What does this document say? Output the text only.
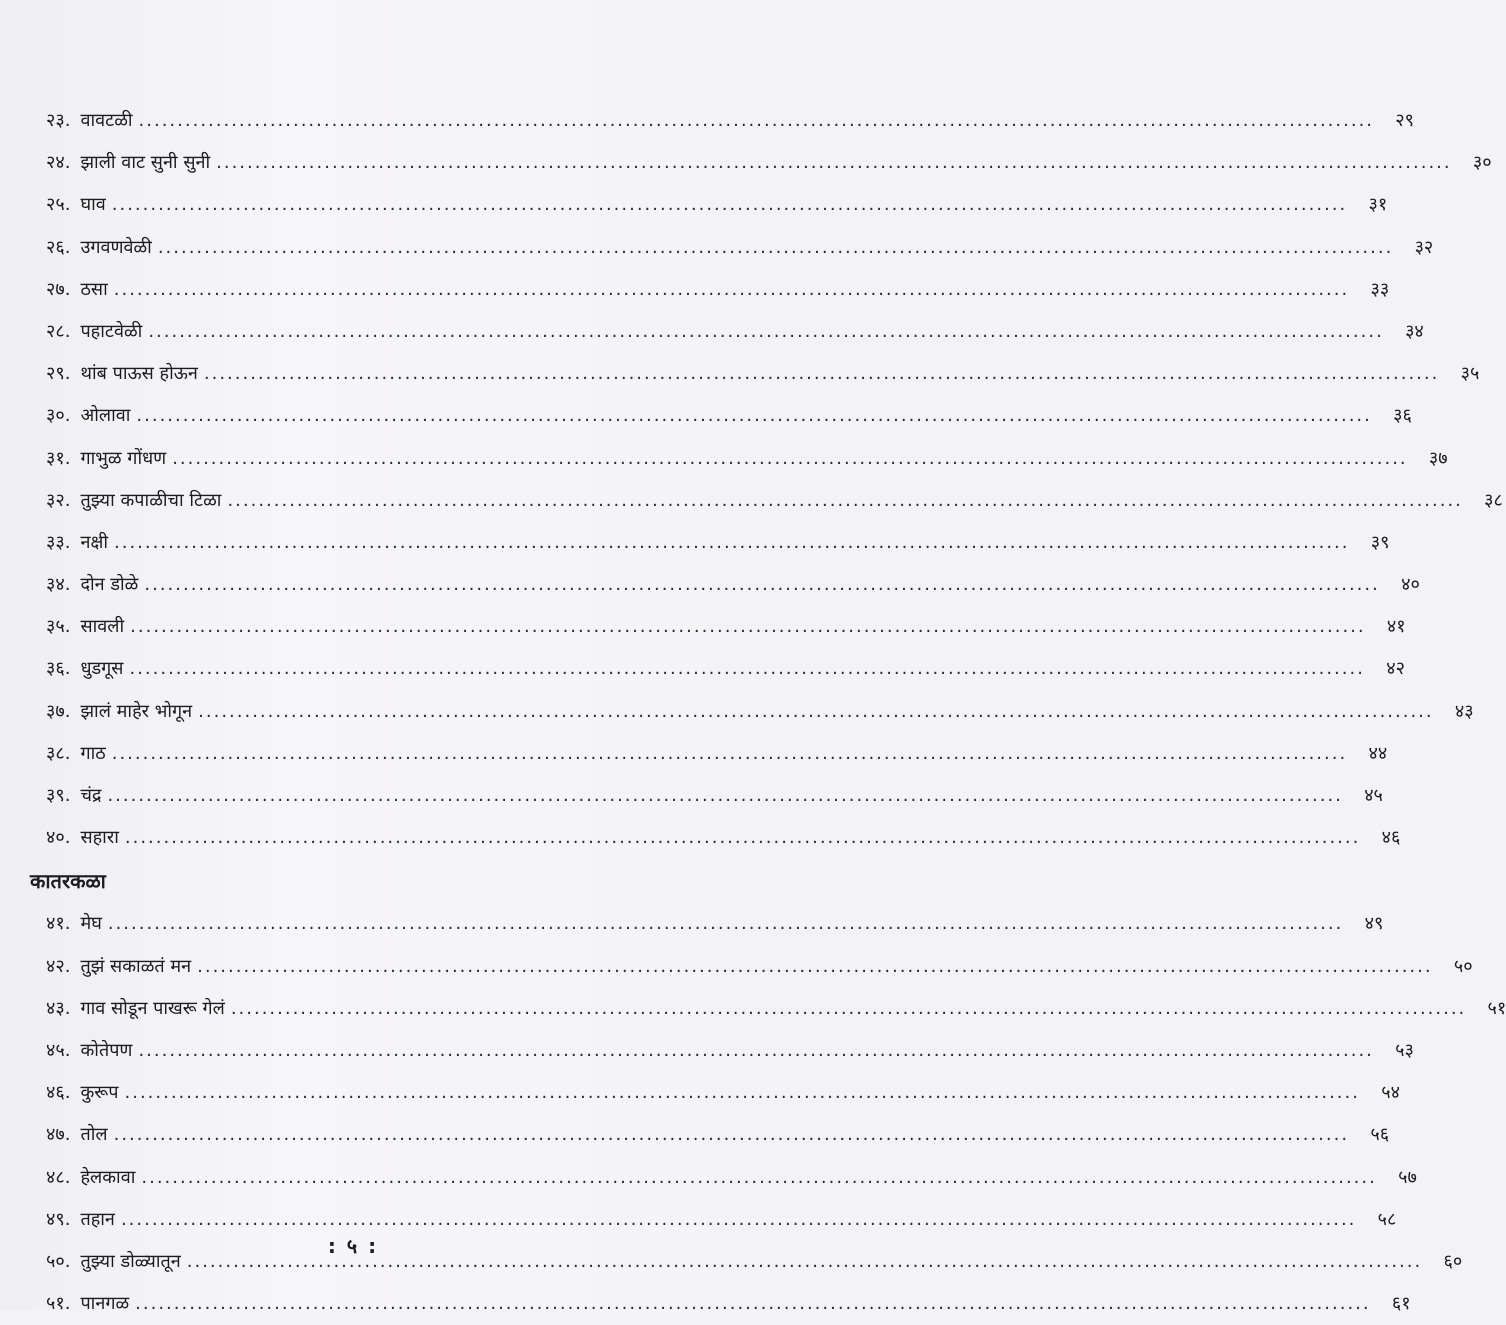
२३. वावटळी ................................................................................................................................................................	२९
२४. झाली वाट सुनी सुनी ................................................................................................................................................................	३०
२५. घाव ................................................................................................................................................................	३१
२६. उगवणवेळी ................................................................................................................................................................	३२
२७. ठसा ................................................................................................................................................................	३३
२८. पहाटवेळी ................................................................................................................................................................	३४
२९. थांब पाऊस होऊन ................................................................................................................................................................	३५
३०. ओलावा ................................................................................................................................................................	३६
३१. गाभुळ गोंधण ................................................................................................................................................................	३७
३२. तुझ्या कपाळीचा टिळा ................................................................................................................................................................	३८
३३. नक्षी ................................................................................................................................................................	३९
३४. दोन डोळे ................................................................................................................................................................	४०
३५. सावली ................................................................................................................................................................	४१
३६. धुडगूस ................................................................................................................................................................	४२
३७. झालं माहेर भोगून ................................................................................................................................................................	४३
३८. गाठ ................................................................................................................................................................	४४
३९. चंद्र ................................................................................................................................................................	४५
४०. सहारा ................................................................................................................................................................	४६
कातरकळा
४१. मेघ ................................................................................................................................................................	४९
४२. तुझं सकाळतं मन ................................................................................................................................................................	५०
४३. गाव सोडून पाखरू गेलं ................................................................................................................................................................	५१
४५. कोतेपण ................................................................................................................................................................	५३
४६. कुरूप ................................................................................................................................................................	५४
४७. तोल ................................................................................................................................................................	५६
४८. हेलकावा ................................................................................................................................................................	५७
४९. तहान ................................................................................................................................................................	५८
५०. तुझ्या डोळ्यातून ................................................................................................................................................................	६०
५१. पानगळ ................................................................................................................................................................	६१
: ५ :
